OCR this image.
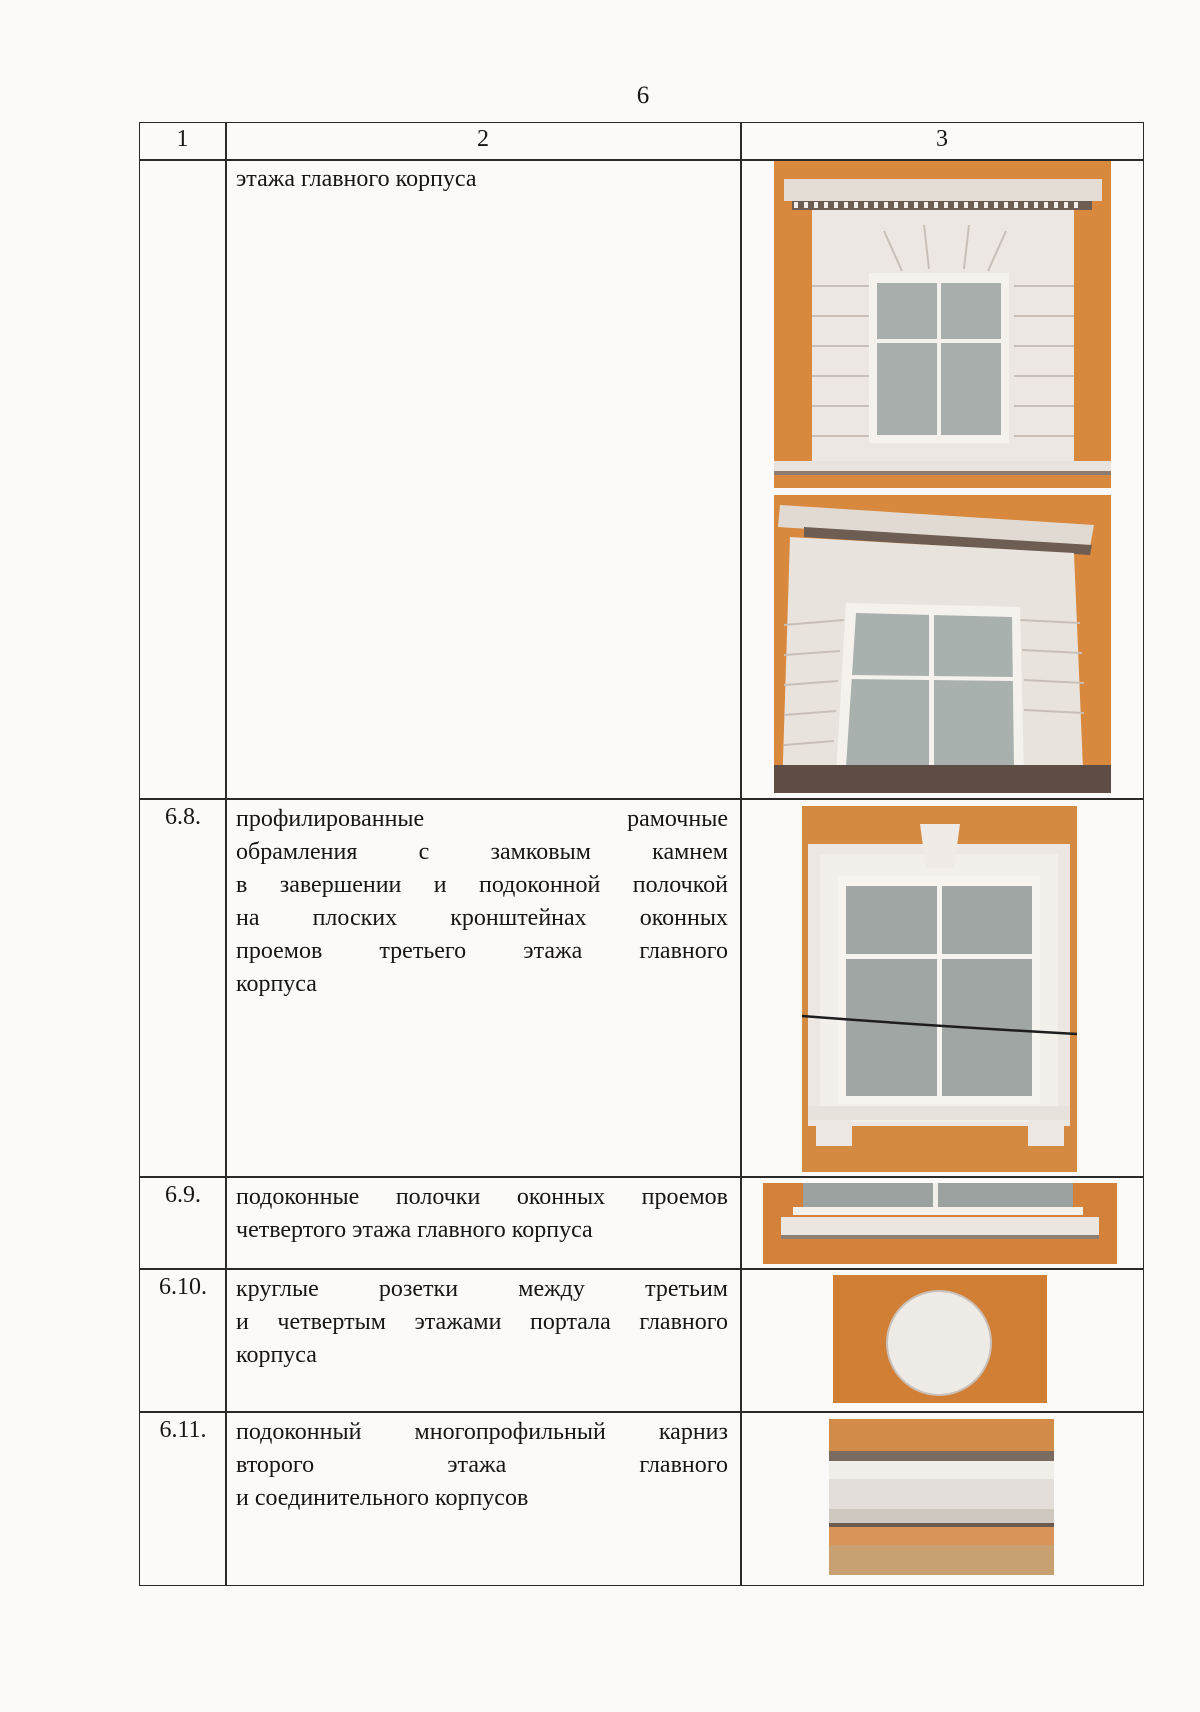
6
1	2	3
этажа главного корпуса
6.8.	профилированные рамочные
обрамления с замковым камнем
в завершении и подоконной полочкой
на плоских кронштейнах оконных
проемов третьего этажа главного
корпуса
6.9.	подоконные полочки оконных проемов
четвертого этажа главного корпуса
6.10.	круглые розетки между третьим
и четвертым этажами портала главного
корпуса
6.11.	подоконный многопрофильный карниз
второго этажа главного
и соединительного корпусов
